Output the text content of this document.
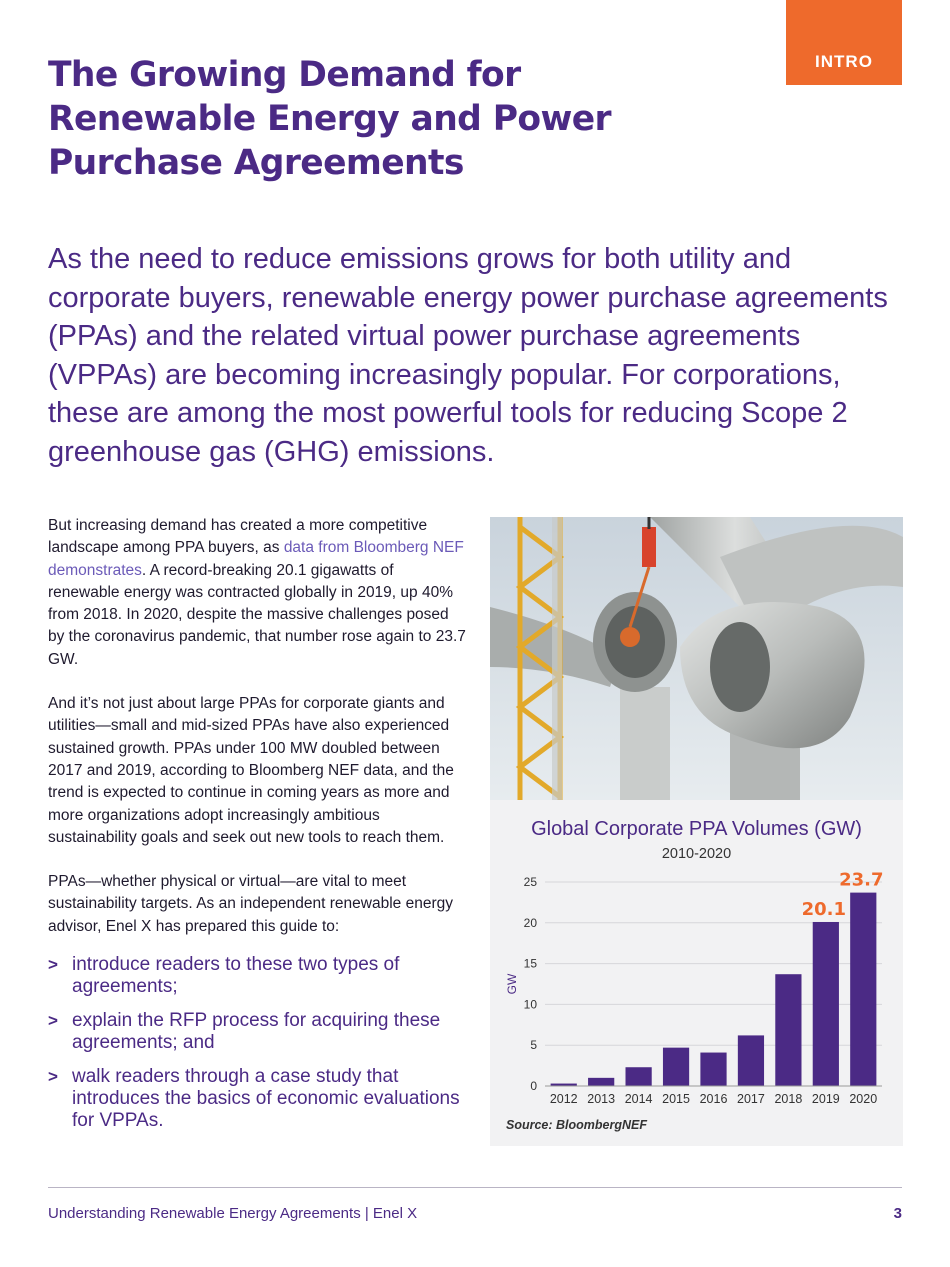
INTRO
The Growing Demand for Renewable Energy and Power Purchase Agreements

As the need to reduce emissions grows for both utility and corporate buyers, renewable energy power purchase agreements (PPAs) and the related virtual power purchase agreements (VPPAs) are becoming increasingly popular. For corporations, these are among the most powerful tools for reducing Scope 2 greenhouse gas (GHG) emissions.

But increasing demand has created a more competitive landscape among PPA buyers, as data from Bloomberg NEF demonstrates. A record-breaking 20.1 gigawatts of renewable energy was contracted globally in 2019, up 40% from 2018. In 2020, despite the massive challenges posed by the coronavirus pandemic, that number rose again to 23.7 GW.

And it’s not just about large PPAs for corporate giants and utilities—small and mid-sized PPAs have also experienced sustained growth. PPAs under 100 MW doubled between 2017 and 2019, according to Bloomberg NEF data, and the trend is expected to continue in coming years as more and more organizations adopt increasingly ambitious sustainability goals and seek out new tools to reach them.

PPAs—whether physical or virtual—are vital to meet sustainability targets. As an independent renewable energy advisor, Enel X has prepared this guide to:

> introduce readers to these two types of agreements;
> explain the RFP process for acquiring these agreements; and
> walk readers through a case study that introduces the basics of economic evaluations for VPPAs.
Global Corporate PPA Volumes (GW)
2010-2020
0
5
10
15
20
25
GW
2012 2013 2014 2015 2016 2017 2018 2019
20.1
2020
23.7
Source: BloombergNEF
Understanding Renewable Energy Agreements | Enel X	3
